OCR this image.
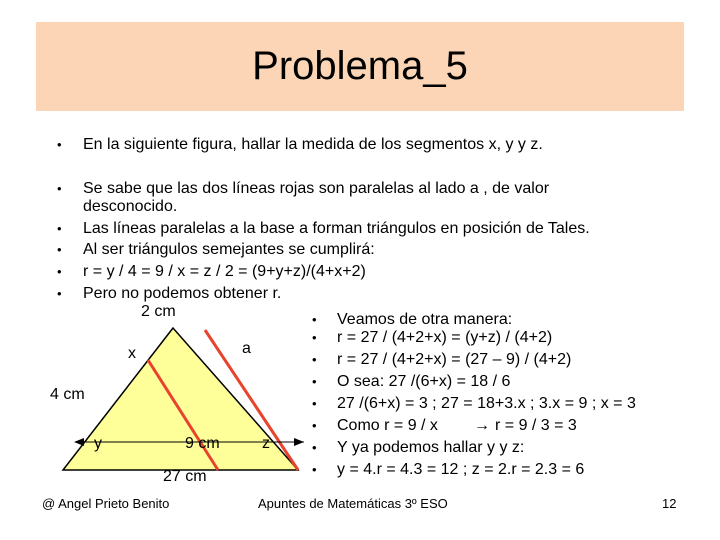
Problema_5
• En la siguiente figura, hallar la medida de los segmentos x, y y z.
• Se sabe que las dos líneas rojas son paralelas al lado a , de valor
desconocido.
• Las líneas paralelas a la base a forman triángulos en posición de Tales.
• Al ser triángulos semejantes se cumplirá:
• r = y / 4 = 9 / x = z / 2 = (9+y+z)/(4+x+2)
• Pero no podemos obtener r.
2 cm
x	a
4 cm
y	9 cm	z
27 cm
• Veamos de otra manera:
• r = 27 / (4+2+x) = (y+z) / (4+2)
• r = 27 / (4+2+x) = (27 – 9) / (4+2)
• O sea: 27 /(6+x) = 18 / 6
• 27 /(6+x) = 3 ; 27 = 18+3.x ; 3.x = 9 ; x = 3
• Como r = 9 / x → r = 9 / 3 = 3
• Y ya podemos hallar y y z:
• y = 4.r = 4.3 = 12 ; z = 2.r = 2.3 = 6
@ Angel Prieto Benito	Apuntes de Matemáticas 3º ESO	12
